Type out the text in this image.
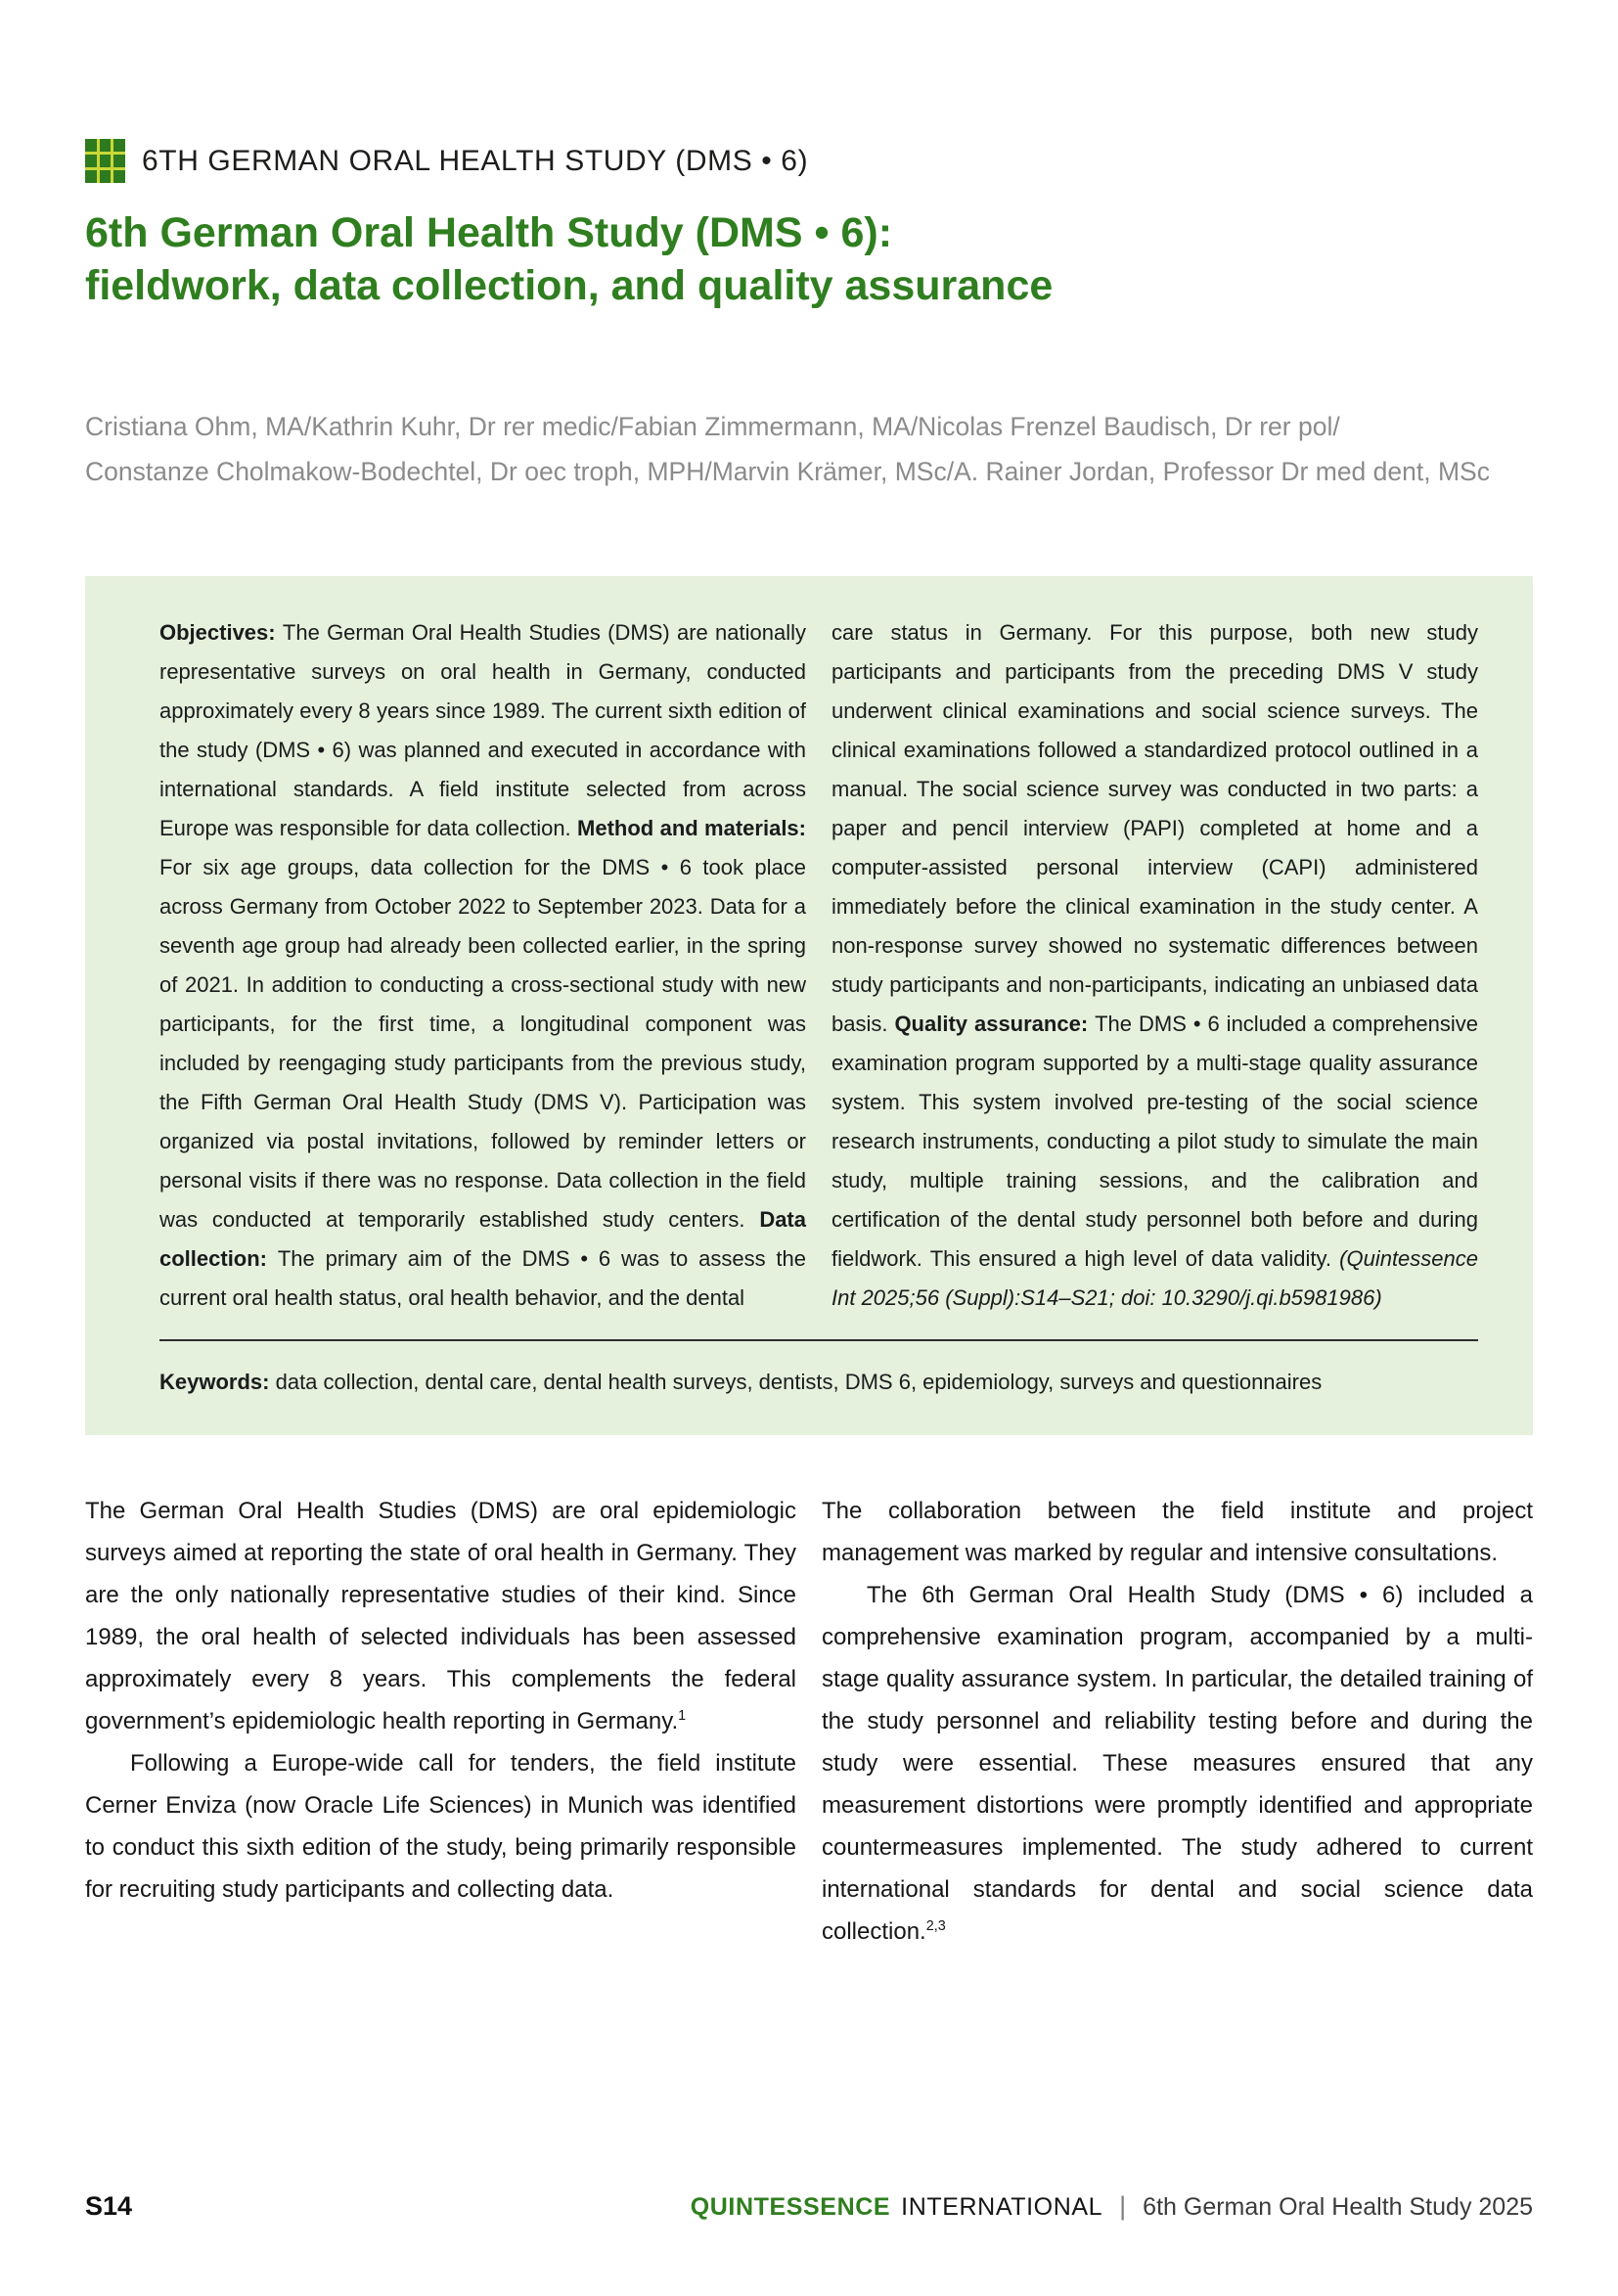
6TH GERMAN ORAL HEALTH STUDY (DMS • 6)
6th German Oral Health Study (DMS • 6):
fieldwork, data collection, and quality assurance
Cristiana Ohm, MA/Kathrin Kuhr, Dr rer medic/Fabian Zimmermann, MA/Nicolas Frenzel Baudisch, Dr rer pol/
Constanze Cholmakow-Bodechtel, Dr oec troph, MPH/Marvin Krämer, MSc/A. Rainer Jordan, Professor Dr med dent, MSc
Objectives: The German Oral Health Studies (DMS) are nationally representative surveys on oral health in Germany, conducted approximately every 8 years since 1989. The current sixth edition of the study (DMS • 6) was planned and executed in accordance with international standards. A field institute selected from across Europe was responsible for data collection. Method and materials: For six age groups, data collection for the DMS • 6 took place across Germany from October 2022 to September 2023. Data for a seventh age group had already been collected earlier, in the spring of 2021. In addition to conducting a cross-sectional study with new participants, for the first time, a longitudinal component was included by reengaging study participants from the previous study, the Fifth German Oral Health Study (DMS V). Participation was organized via postal invitations, followed by reminder letters or personal visits if there was no response. Data collection in the field was conducted at temporarily established study centers. Data collection: The primary aim of the DMS • 6 was to assess the current oral health status, oral health behavior, and the dental
care status in Germany. For this purpose, both new study participants and participants from the preceding DMS V study underwent clinical examinations and social science surveys. The clinical examinations followed a standardized protocol outlined in a manual. The social science survey was conducted in two parts: a paper and pencil interview (PAPI) completed at home and a computer-assisted personal interview (CAPI) administered immediately before the clinical examination in the study center. A non-response survey showed no systematic differences between study participants and non-participants, indicating an unbiased data basis. Quality assurance: The DMS • 6 included a comprehensive examination program supported by a multi-stage quality assurance system. This system involved pre-testing of the social science research instruments, conducting a pilot study to simulate the main study, multiple training sessions, and the calibration and certification of the dental study personnel both before and during fieldwork. This ensured a high level of data validity. (Quintessence Int 2025;56 (Suppl):S14–S21; doi: 10.3290/j.qi.b5981986)
Keywords: data collection, dental care, dental health surveys, dentists, DMS 6, epidemiology, surveys and questionnaires

The German Oral Health Studies (DMS) are oral epidemiologic surveys aimed at reporting the state of oral health in Germany. They are the only nationally representative studies of their kind. Since 1989, the oral health of selected individuals has been assessed approximately every 8 years. This complements the federal government’s epidemiologic health reporting in Germany.$^1$

Following a Europe-wide call for tenders, the field institute Cerner Enviza (now Oracle Life Sciences) in Munich was identified to conduct this sixth edition of the study, being primarily responsible for recruiting study participants and collecting data.

The collaboration between the field institute and project management was marked by regular and intensive consultations.

The 6th German Oral Health Study (DMS • 6) included a comprehensive examination program, accompanied by a multi-stage quality assurance system. In particular, the detailed training of the study personnel and reliability testing before and during the study were essential. These measures ensured that any measurement distortions were promptly identified and appropriate countermeasures implemented. The study adhered to current international standards for dental and social science data collection.$^{2,3}$

S14	QUINTESSENCE INTERNATIONAL | 6th German Oral Health Study 2025
